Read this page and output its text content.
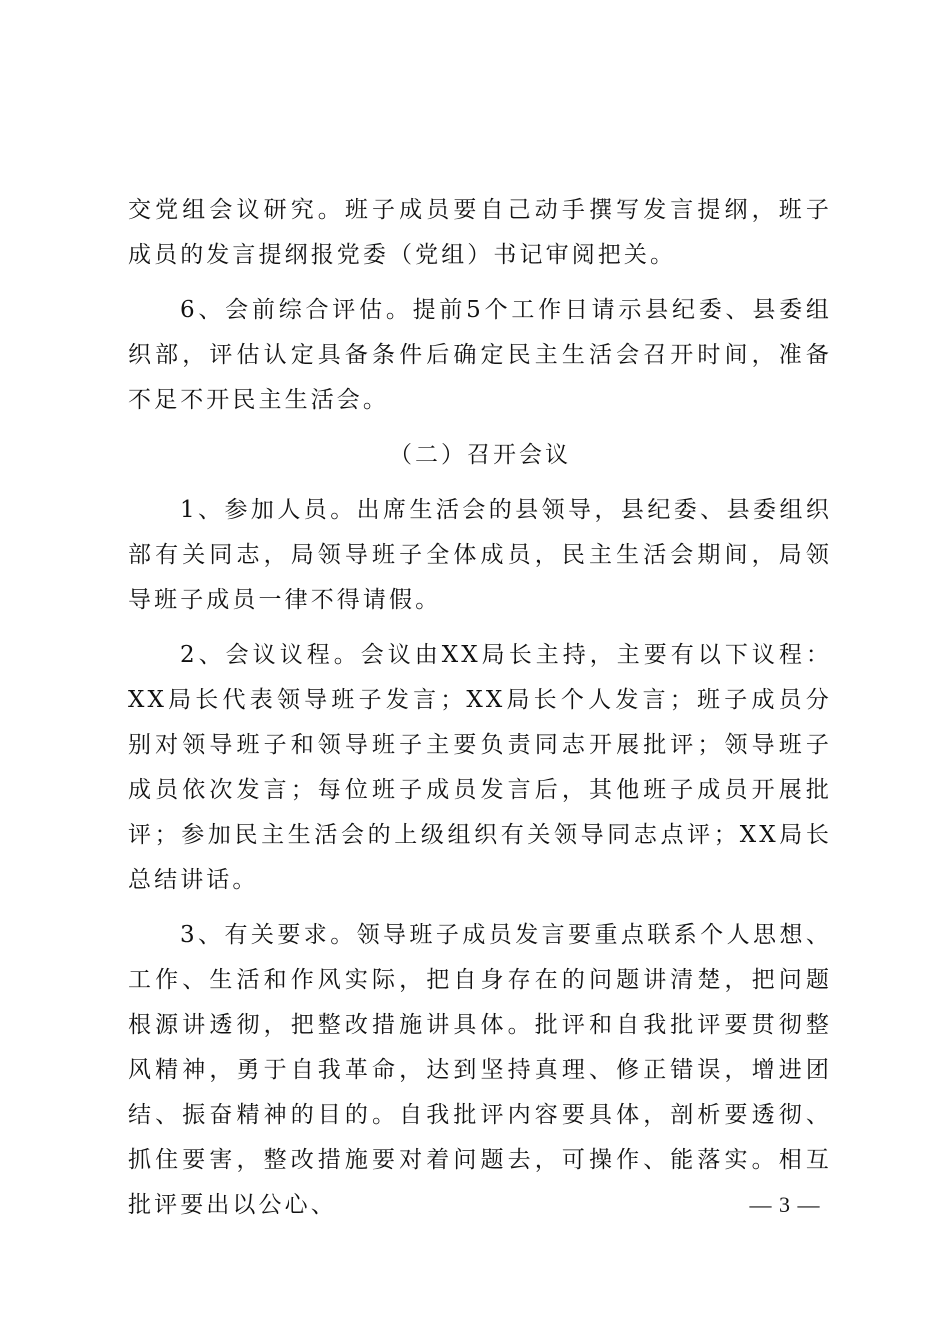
交党组会议研究。班子成员要自己动手撰写发言提纲，班子成员的发言提纲报党委（党组）书记审阅把关。

6、会前综合评估。提前5个工作日请示县纪委、县委组织部，评估认定具备条件后确定民主生活会召开时间，准备不足不开民主生活会。

（二）召开会议

1、参加人员。出席生活会的县领导，县纪委、县委组织部有关同志，局领导班子全体成员，民主生活会期间，局领导班子成员一律不得请假。

2、会议议程。会议由XX局长主持，主要有以下议程：XX局长代表领导班子发言；XX局长个人发言；班子成员分别对领导班子和领导班子主要负责同志开展批评；领导班子成员依次发言；每位班子成员发言后，其他班子成员开展批评；参加民主生活会的上级组织有关领导同志点评；XX局长总结讲话。

3、有关要求。领导班子成员发言要重点联系个人思想、工作、生活和作风实际，把自身存在的问题讲清楚，把问题根源讲透彻，把整改措施讲具体。批评和自我批评要贯彻整风精神，勇于自我革命，达到坚持真理、修正错误，增进团结、振奋精神的目的。自我批评内容要具体，剖析要透彻、抓住要害，整改措施要对着问题去，可操作、能落实。相互批评要出以公心、	— 3 —
